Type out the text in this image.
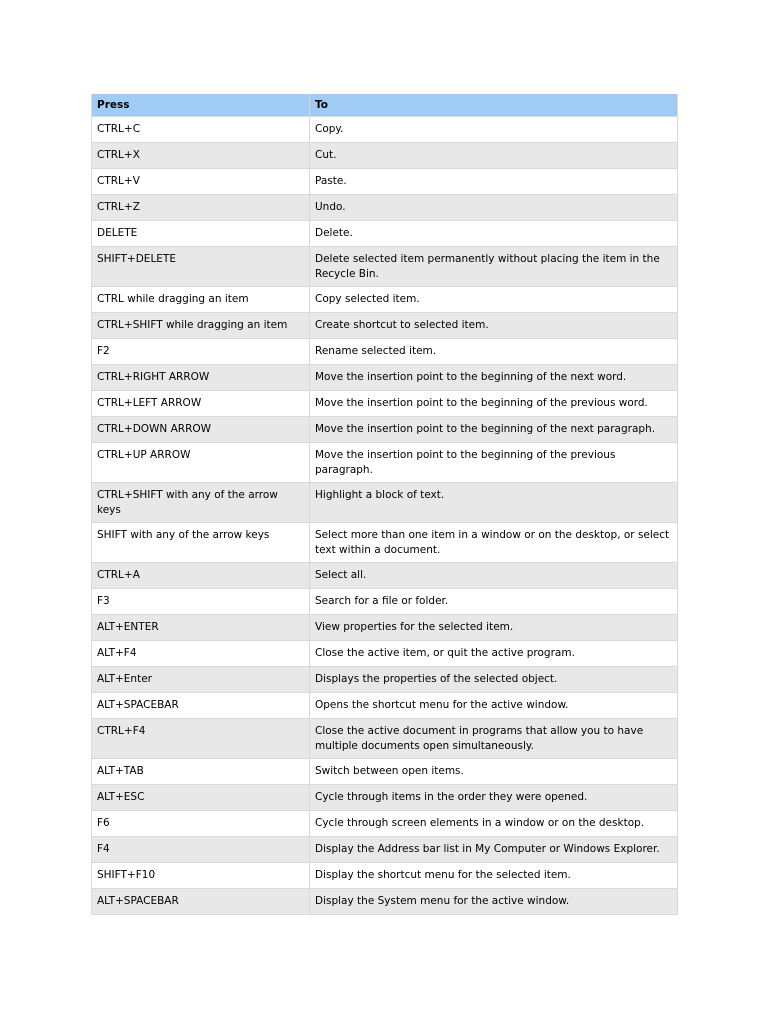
Press	To
CTRL+C	Copy.
CTRL+X	Cut.
CTRL+V	Paste.
CTRL+Z	Undo.
DELETE	Delete.
SHIFT+DELETE	Delete selected item permanently without placing the item in the Recycle Bin.
CTRL while dragging an item	Copy selected item.
CTRL+SHIFT while dragging an item	Create shortcut to selected item.
F2	Rename selected item.
CTRL+RIGHT ARROW	Move the insertion point to the beginning of the next word.
CTRL+LEFT ARROW	Move the insertion point to the beginning of the previous word.
CTRL+DOWN ARROW	Move the insertion point to the beginning of the next paragraph.
CTRL+UP ARROW	Move the insertion point to the beginning of the previous paragraph.
CTRL+SHIFT with any of the arrow keys	Highlight a block of text.
SHIFT with any of the arrow keys	Select more than one item in a window or on the desktop, or select text within a document.
CTRL+A	Select all.
F3	Search for a file or folder.
ALT+ENTER	View properties for the selected item.
ALT+F4	Close the active item, or quit the active program.
ALT+Enter	Displays the properties of the selected object.
ALT+SPACEBAR	Opens the shortcut menu for the active window.
CTRL+F4	Close the active document in programs that allow you to have multiple documents open simultaneously.
ALT+TAB	Switch between open items.
ALT+ESC	Cycle through items in the order they were opened.
F6	Cycle through screen elements in a window or on the desktop.
F4	Display the Address bar list in My Computer or Windows Explorer.
SHIFT+F10	Display the shortcut menu for the selected item.
ALT+SPACEBAR	Display the System menu for the active window.
